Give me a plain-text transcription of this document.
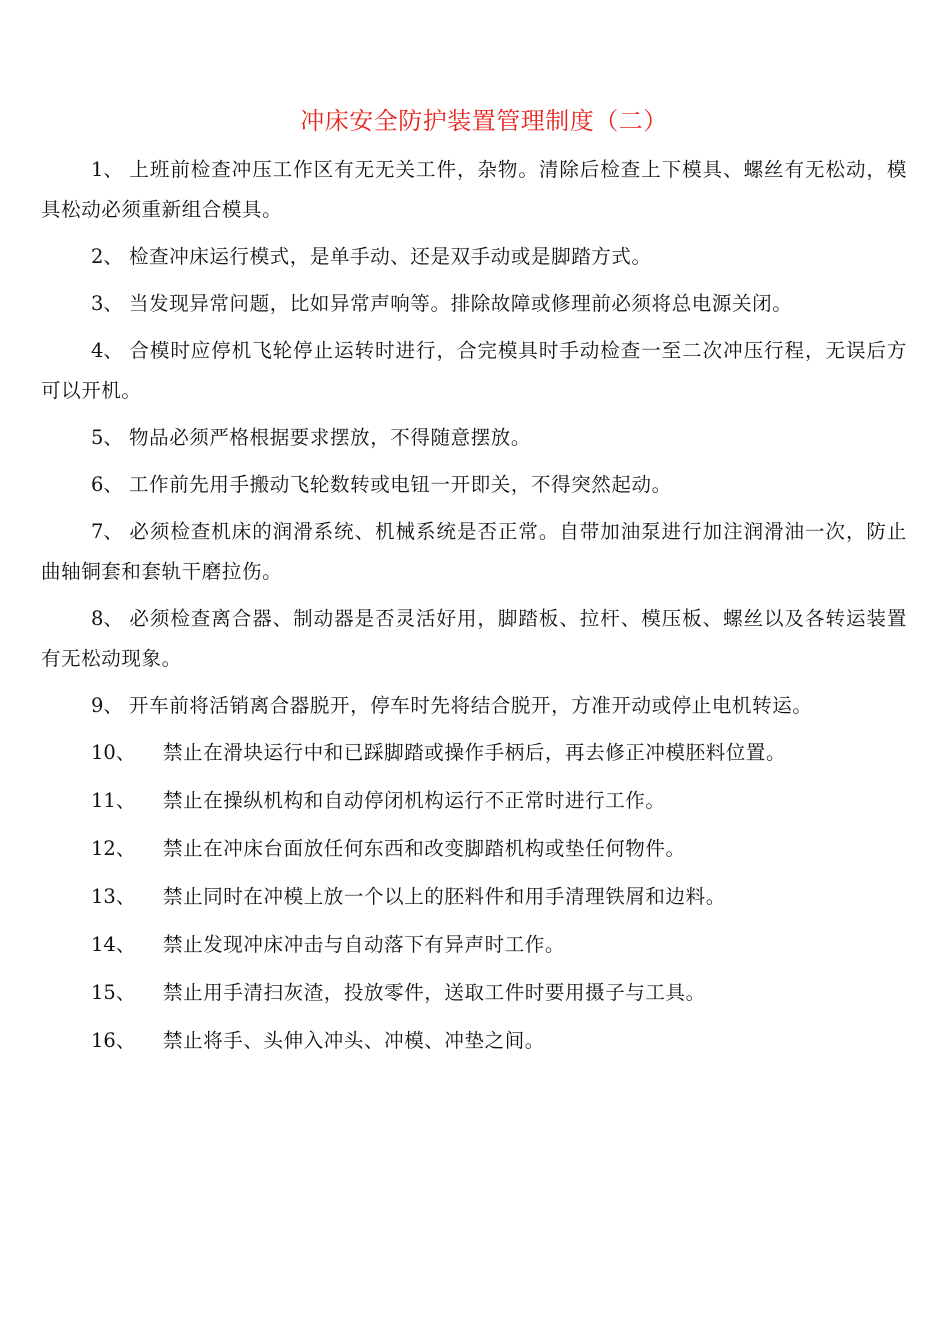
冲床安全防护装置管理制度（二）
1、 上班前检查冲压工作区有无无关工件，杂物。清除后检查上下模具、螺丝有无松动，模具松动必须重新组合模具。
2、 检查冲床运行模式，是单手动、还是双手动或是脚踏方式。
3、 当发现异常问题，比如异常声响等。排除故障或修理前必须将总电源关闭。
4、 合模时应停机飞轮停止运转时进行，合完模具时手动检查一至二次冲压行程，无误后方可以开机。
5、 物品必须严格根据要求摆放，不得随意摆放。
6、 工作前先用手搬动飞轮数转或电钮一开即关，不得突然起动。
7、 必须检查机床的润滑系统、机械系统是否正常。自带加油泵进行加注润滑油一次，防止曲轴铜套和套轨干磨拉伤。
8、 必须检查离合器、制动器是否灵活好用，脚踏板、拉杆、模压板、螺丝以及各转运装置有无松动现象。
9、 开车前将活销离合器脱开，停车时先将结合脱开，方准开动或停止电机转运。
10、 禁止在滑块运行中和已踩脚踏或操作手柄后，再去修正冲模胚料位置。
11、 禁止在操纵机构和自动停闭机构运行不正常时进行工作。
12、 禁止在冲床台面放任何东西和改变脚踏机构或垫任何物件。
13、 禁止同时在冲模上放一个以上的胚料件和用手清理铁屑和边料。
14、 禁止发现冲床冲击与自动落下有异声时工作。
15、 禁止用手清扫灰渣，投放零件，送取工件时要用摄子与工具。
16、 禁止将手、头伸入冲头、冲模、冲垫之间。
